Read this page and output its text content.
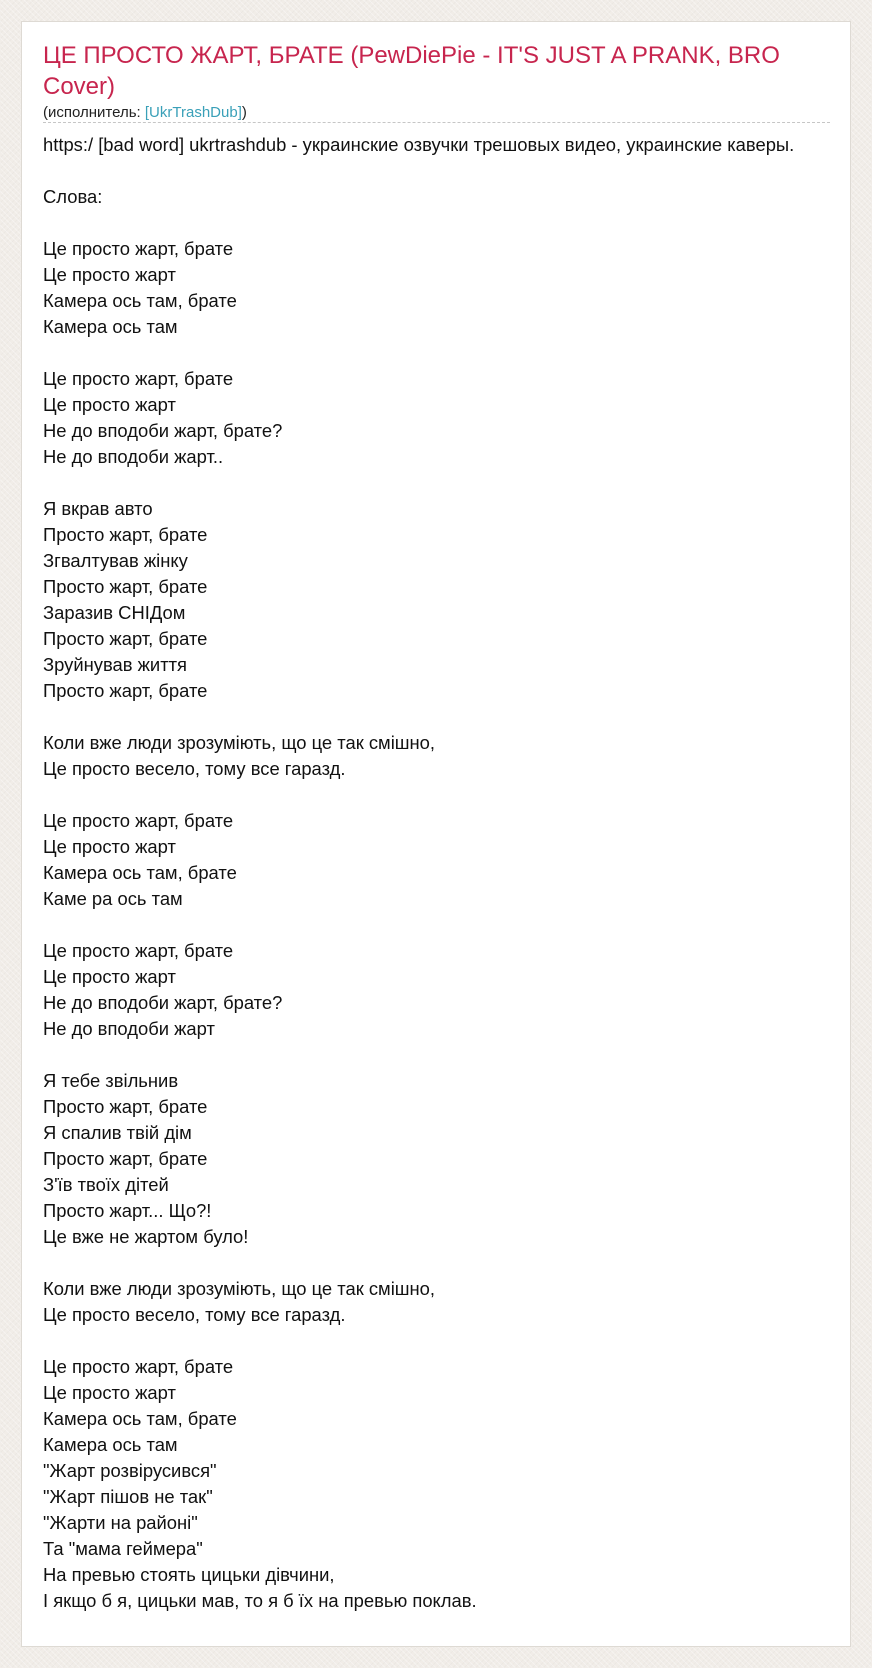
ЦЕ ПРОСТО ЖАРТ, БРАТЕ (PewDiePie - IT'S JUST A PRANK, BRO
Cover)
(исполнитель: [UkrTrashDub])
https:/ [bad word] ukrtrashdub - украинские озвучки трешовых видео, украинские каверы.

Слова:

Це просто жарт, брате
Це просто жарт
Камера ось там, брате
Камера ось там

Це просто жарт, брате
Це просто жарт
Не до вподоби жарт, брате?
Не до вподоби жарт..

Я вкрав авто
Просто жарт, брате
Згвалтував жінку
Просто жарт, брате
Заразив СНІДом
Просто жарт, брате
Зруйнував життя
Просто жарт, брате

Коли вже люди зрозуміють, що це так смішно,
Це просто весело, тому все гаразд.

Це просто жарт, брате
Це просто жарт
Камера ось там, брате
Каме ра ось там

Це просто жарт, брате
Це просто жарт
Не до вподоби жарт, брате?
Не до вподоби жарт

Я тебе звільнив
Просто жарт, брате
Я спалив твій дім
Просто жарт, брате
З'їв твоїх дітей
Просто жарт... Що?!
Це вже не жартом було!

Коли вже люди зрозуміють, що це так смішно,
Це просто весело, тому все гаразд.

Це просто жарт, брате
Це просто жарт
Камера ось там, брате
Камера ось там
"Жарт розвірусився"
"Жарт пішов не так"
"Жарти на районі"
Та "мама геймера"
На превью стоять цицьки дівчини,
І якщо б я, цицьки мав, то я б їх на превью поклав.
